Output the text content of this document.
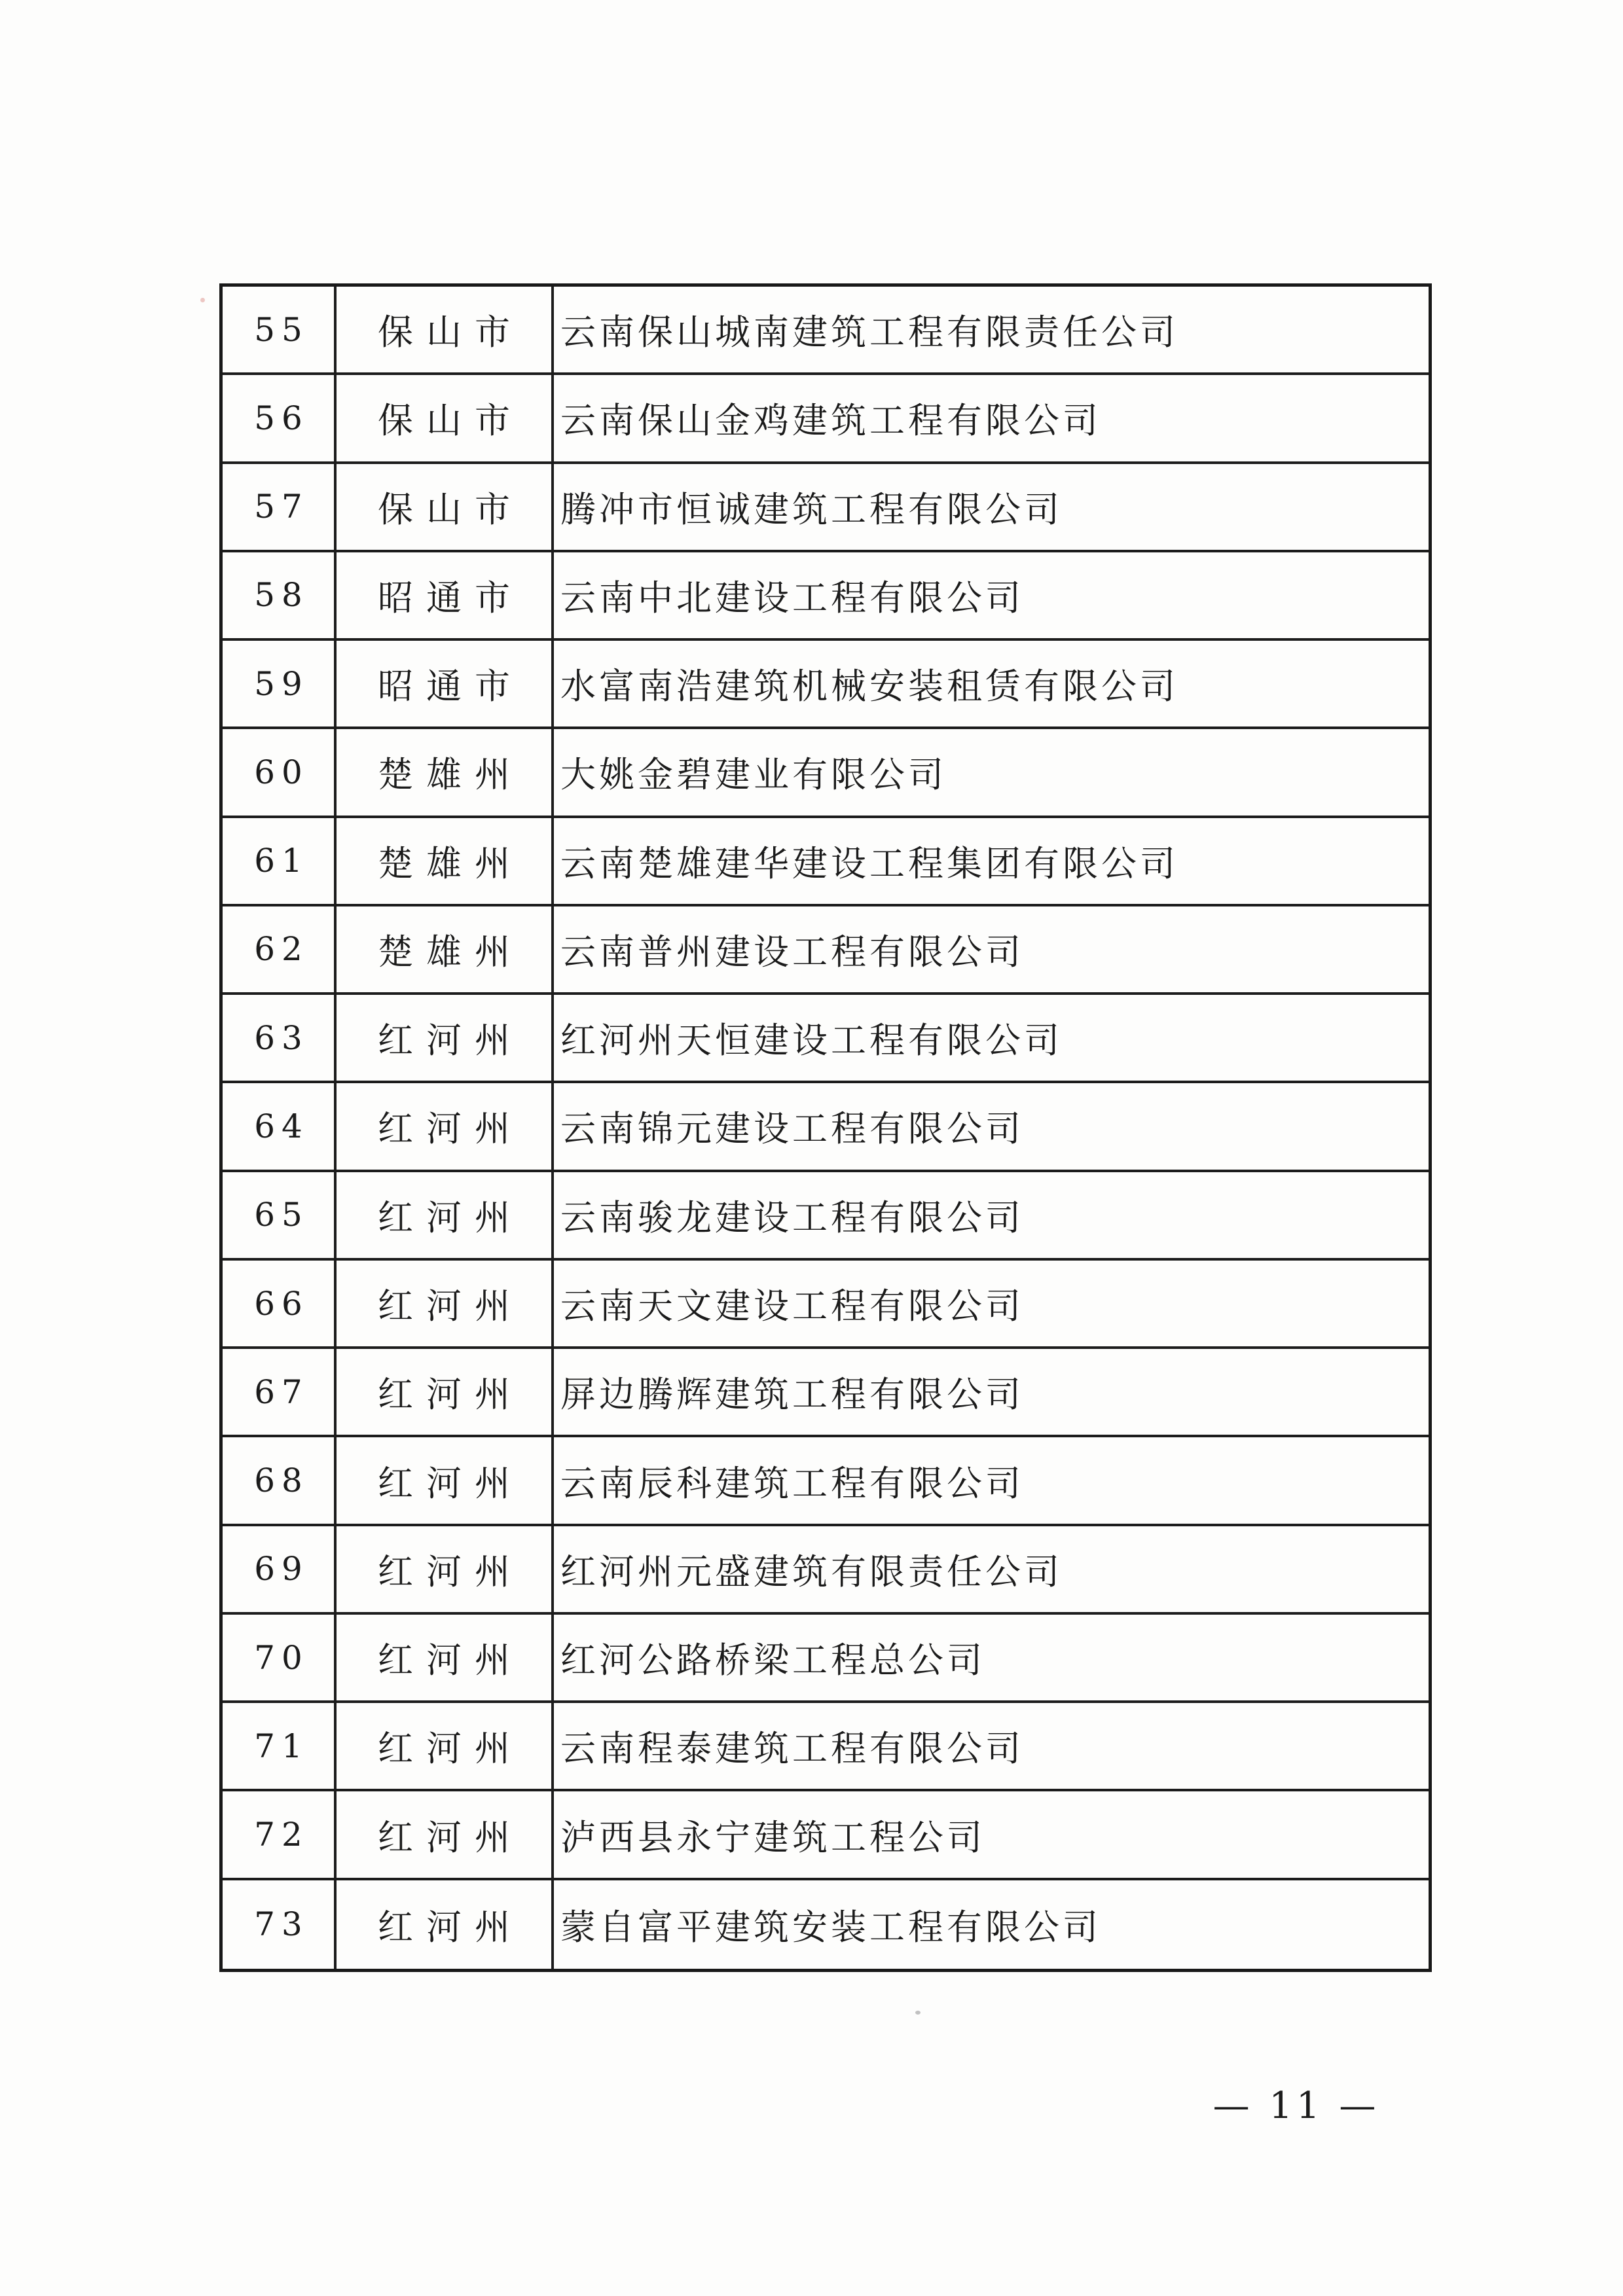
55	保山市	云南保山城南建筑工程有限责任公司
56	保山市	云南保山金鸡建筑工程有限公司
57	保山市	腾冲市恒诚建筑工程有限公司
58	昭通市	云南中北建设工程有限公司
59	昭通市	水富南浩建筑机械安装租赁有限公司
60	楚雄州	大姚金碧建业有限公司
61	楚雄州	云南楚雄建华建设工程集团有限公司
62	楚雄州	云南普州建设工程有限公司
63	红河州	红河州天恒建设工程有限公司
64	红河州	云南锦元建设工程有限公司
65	红河州	云南骏龙建设工程有限公司
66	红河州	云南天文建设工程有限公司
67	红河州	屏边腾辉建筑工程有限公司
68	红河州	云南辰科建筑工程有限公司
69	红河州	红河州元盛建筑有限责任公司
70	红河州	红河公路桥梁工程总公司
71	红河州	云南程泰建筑工程有限公司
72	红河州	泸西县永宁建筑工程公司
73	红河州	蒙自富平建筑安装工程有限公司
— 11 —
